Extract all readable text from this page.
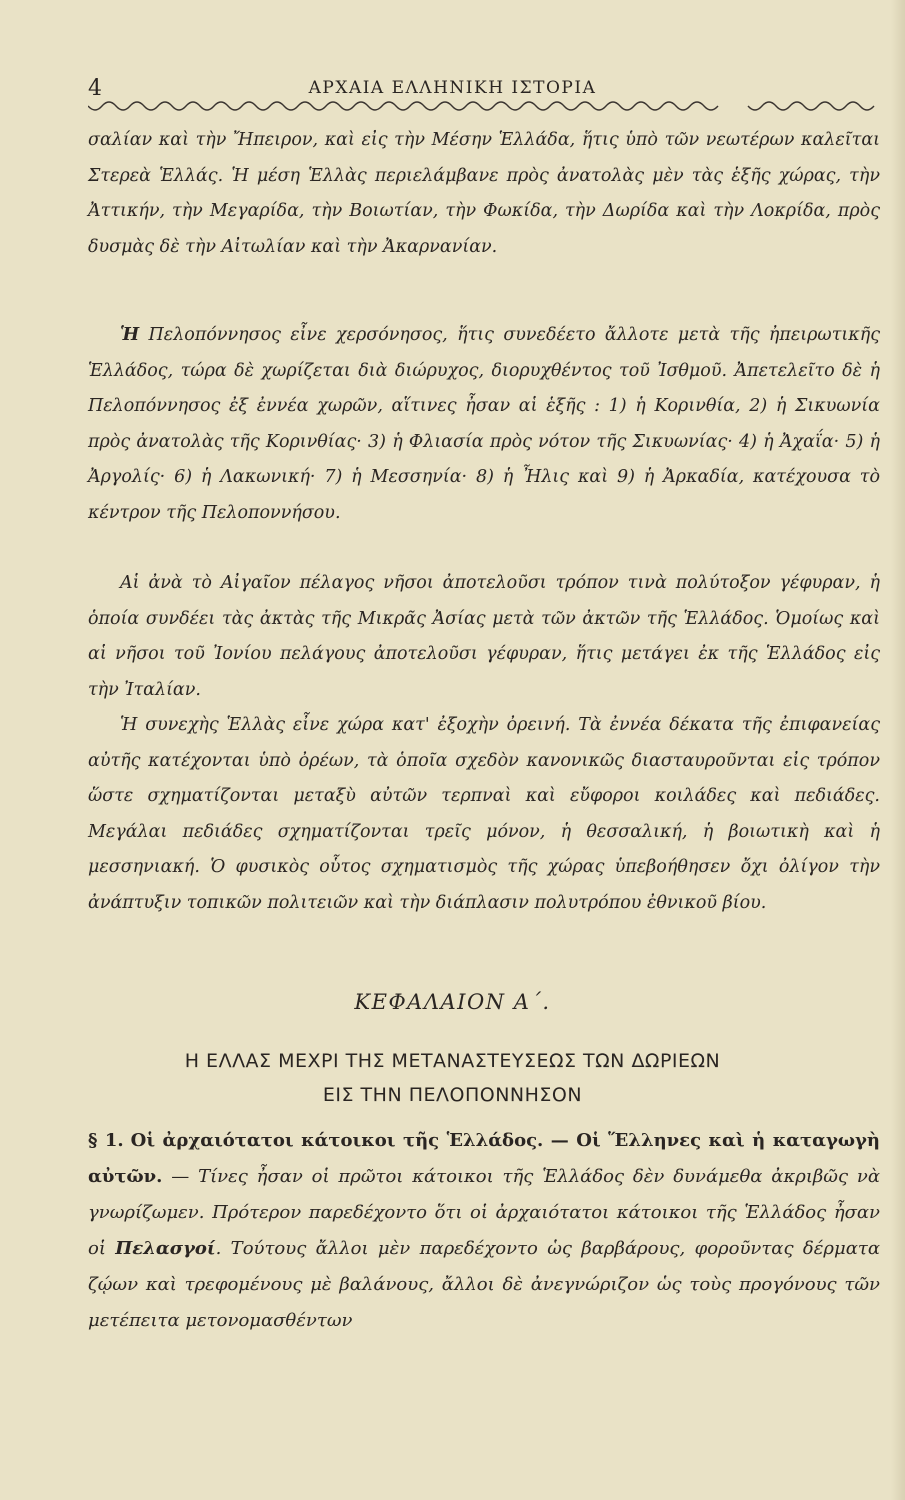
4	ΑΡΧΑΙΑ ΕΛΛΗΝΙΚΗ ΙΣΤΟΡΙΑ

σαλίαν καὶ τὴν Ἤπειρον, καὶ εἰς τὴν Μέσην Ἑλλάδα, ἥτις ὑπὸ τῶν νεωτέρων καλεῖται Στερεὰ Ἑλλάς. Ἡ μέση Ἑλλὰς περιελάμβανε πρὸς ἀνατολὰς μὲν τὰς ἑξῆς χώρας, τὴν Ἀττικήν, τὴν Μεγαρίδα, τὴν Βοιωτίαν, τὴν Φωκίδα, τὴν Δωρίδα καὶ τὴν Λοκρίδα, πρὸς δυσμὰς δὲ τὴν Αἰτωλίαν καὶ τὴν Ἀκαρνανίαν.

Ἡ Πελοπόννησος εἶνε χερσόνησος, ἥτις συνεδέετο ἄλλοτε μετὰ τῆς ἠπειρωτικῆς Ἑλλάδος, τώρα δὲ χωρίζεται διὰ διώρυχος, διορυχθέντος τοῦ Ἰσθμοῦ. Ἀπετελεῖτο δὲ ἡ Πελοπόννησος ἐξ ἐννέα χωρῶν, αἵτινες ἦσαν αἱ ἑξῆς : 1) ἡ Κορινθία, 2) ἡ Σικυωνία πρὸς ἀνατολὰς τῆς Κορινθίας· 3) ἡ Φλιασία πρὸς νότον τῆς Σικυωνίας· 4) ἡ Ἀχαΐα· 5) ἡ Ἀργολίς· 6) ἡ Λακωνική· 7) ἡ Μεσσηνία· 8) ἡ Ἦλις καὶ 9) ἡ Ἀρκαδία, κατέχουσα τὸ κέντρον τῆς Πελοποννήσου.

Αἱ ἀνὰ τὸ Αἰγαῖον πέλαγος νῆσοι ἀποτελοῦσι τρόπον τινὰ πολύτοξον γέφυραν, ἡ ὁποία συνδέει τὰς ἀκτὰς τῆς Μικρᾶς Ἀσίας μετὰ τῶν ἀκτῶν τῆς Ἑλλάδος. Ὁμοίως καὶ αἱ νῆσοι τοῦ Ἰονίου πελάγους ἀποτελοῦσι γέφυραν, ἥτις μετάγει ἐκ τῆς Ἑλλάδος εἰς τὴν Ἰταλίαν.

Ἡ συνεχὴς Ἑλλὰς εἶνε χώρα κατ' ἐξοχὴν ὀρεινή. Τὰ ἐννέα δέκατα τῆς ἐπιφανείας αὐτῆς κατέχονται ὑπὸ ὀρέων, τὰ ὁποῖα σχεδὸν κανονικῶς διασταυροῦνται εἰς τρόπον ὥστε σχηματίζονται μεταξὺ αὐτῶν τερπναὶ καὶ εὔφοροι κοιλάδες καὶ πεδιάδες. Μεγάλαι πεδιάδες σχηματίζονται τρεῖς μόνον, ἡ θεσσαλική, ἡ βοιωτικὴ καὶ ἡ μεσσηνιακή. Ὁ φυσικὸς οὗτος σχηματισμὸς τῆς χώρας ὑπεβοήθησεν ὄχι ὀλίγον τὴν ἀνάπτυξιν τοπικῶν πολιτειῶν καὶ τὴν διάπλασιν πολυτρόπου ἐθνικοῦ βίου.

ΚΕΦΑΛΑΙΟΝ Α΄.
Η ΕΛΛΑΣ ΜΕΧΡΙ ΤΗΣ ΜΕΤΑΝΑΣΤΕΥΣΕΩΣ ΤΩΝ ΔΩΡΙΕΩΝ
ΕΙΣ ΤΗΝ ΠΕΛΟΠΟΝΝΗΣΟΝ

§ 1. Οἱ ἀρχαιότατοι κάτοικοι τῆς Ἑλλάδος. — Οἱ Ἕλληνες καὶ ἡ καταγωγὴ αὐτῶν. — Τίνες ἦσαν οἱ πρῶτοι κάτοικοι τῆς Ἑλλάδος δὲν δυνάμεθα ἀκριβῶς νὰ γνωρίζωμεν. Πρότερον παρεδέχοντο ὅτι οἱ ἀρχαιότατοι κάτοικοι τῆς Ἑλλάδος ἦσαν οἱ Πελασγοί. Τούτους ἄλλοι μὲν παρεδέχοντο ὡς βαρβάρους, φοροῦντας δέρματα ζῴων καὶ τρεφομένους μὲ βαλάνους, ἄλλοι δὲ ἀνεγνώριζον ὡς τοὺς προγόνους τῶν μετέπειτα μετονομασθέντων
